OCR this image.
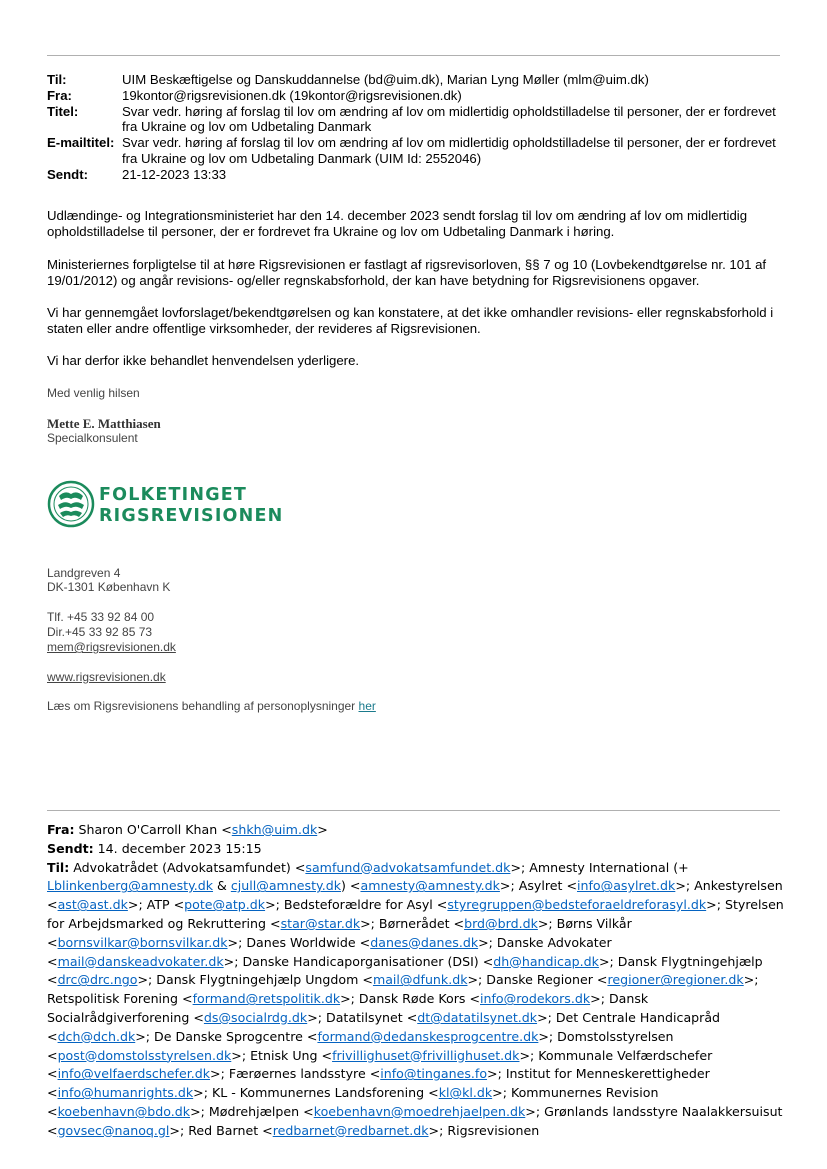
Til:	UIM Beskæftigelse og Danskuddannelse (bd@uim.dk), Marian Lyng Møller (mlm@uim.dk)
Fra:	19kontor@rigsrevisionen.dk (19kontor@rigsrevisionen.dk)
Titel:	Svar vedr. høring af forslag til lov om ændring af lov om midlertidig opholdstilladelse til personer, der er fordrevet fra Ukraine og lov om Udbetaling Danmark
E-mailtitel: Svar vedr. høring af forslag til lov om ændring af lov om midlertidig opholdstilladelse til personer, der er fordrevet fra Ukraine og lov om Udbetaling Danmark (UIM Id: 2552046)
Sendt:	21-12-2023 13:33

Udlændinge- og Integrationsministeriet har den 14. december 2023 sendt forslag til lov om ændring af lov om midlertidig opholdstilladelse til personer, der er fordrevet fra Ukraine og lov om Udbetaling Danmark i høring.

Ministeriernes forpligtelse til at høre Rigsrevisionen er fastlagt af rigsrevisorloven, §§ 7 og 10 (Lovbekendtgørelse nr. 101 af 19/01/2012) og angår revisions- og/eller regnskabsforhold, der kan have betydning for Rigsrevisionens opgaver.

Vi har gennemgået lovforslaget/bekendtgørelsen og kan konstatere, at det ikke omhandler revisions- eller regnskabsforhold i staten eller andre offentlige virksomheder, der revideres af Rigsrevisionen.

Vi har derfor ikke behandlet henvendelsen yderligere.

Med venlig hilsen
Mette E. Matthiasen
Specialkonsulent
FOLKETINGET
RIGSREVISIONEN
Landgreven 4
DK-1301 København K
Tlf. +45 33 92 84 00
Dir.+45 33 92 85 73
mem@rigsrevisionen.dk
www.rigsrevisionen.dk
Læs om Rigsrevisionens behandling af personoplysninger her
Fra: Sharon O'Carroll Khan <shkh@uim.dk>
Sendt: 14. december 2023 15:15
Til: Advokatrådet (Advokatsamfundet) <samfund@advokatsamfundet.dk>; Amnesty International (+ Lblinkenberg@amnesty.dk & cjull@amnesty.dk) <amnesty@amnesty.dk>; Asylret <info@asylret.dk>; Ankestyrelsen <ast@ast.dk>; ATP <pote@atp.dk>; Bedsteforældre for Asyl <styregruppen@bedsteforaeldreforasyl.dk>; Styrelsen for Arbejdsmarked og Rekruttering <star@star.dk>; Børnerådet <brd@brd.dk>; Børns Vilkår <bornsvilkar@bornsvilkar.dk>; Danes Worldwide <danes@danes.dk>; Danske Advokater <mail@danskeadvokater.dk>; Danske Handicaporganisationer (DSI) <dh@handicap.dk>; Dansk Flygtningehjælp <drc@drc.ngo>; Dansk Flygtningehjælp Ungdom <mail@dfunk.dk>; Danske Regioner <regioner@regioner.dk>; Retspolitisk Forening <formand@retspolitik.dk>; Dansk Røde Kors <info@rodekors.dk>; Dansk Socialrådgiverforening <ds@socialrdg.dk>; Datatilsynet <dt@datatilsynet.dk>; Det Centrale Handicapråd <dch@dch.dk>; De Danske Sprogcentre <formand@dedanskesprogcentre.dk>; Domstolsstyrelsen <post@domstolsstyrelsen.dk>; Etnisk Ung <frivillighuset@frivillighuset.dk>; Kommunale Velfærdschefer <info@velfaerdschefer.dk>; Færøernes landsstyre <info@tinganes.fo>; Institut for Menneskerettigheder <info@humanrights.dk>; KL - Kommunernes Landsforening <kl@kl.dk>; Kommunernes Revision <koebenhavn@bdo.dk>; Mødrehjælpen <koebenhavn@moedrehjaelpen.dk>; Grønlands landsstyre Naalakkersuisut <govsec@nanoq.gl>; Red Barnet <redbarnet@redbarnet.dk>; Rigsrevisionen
